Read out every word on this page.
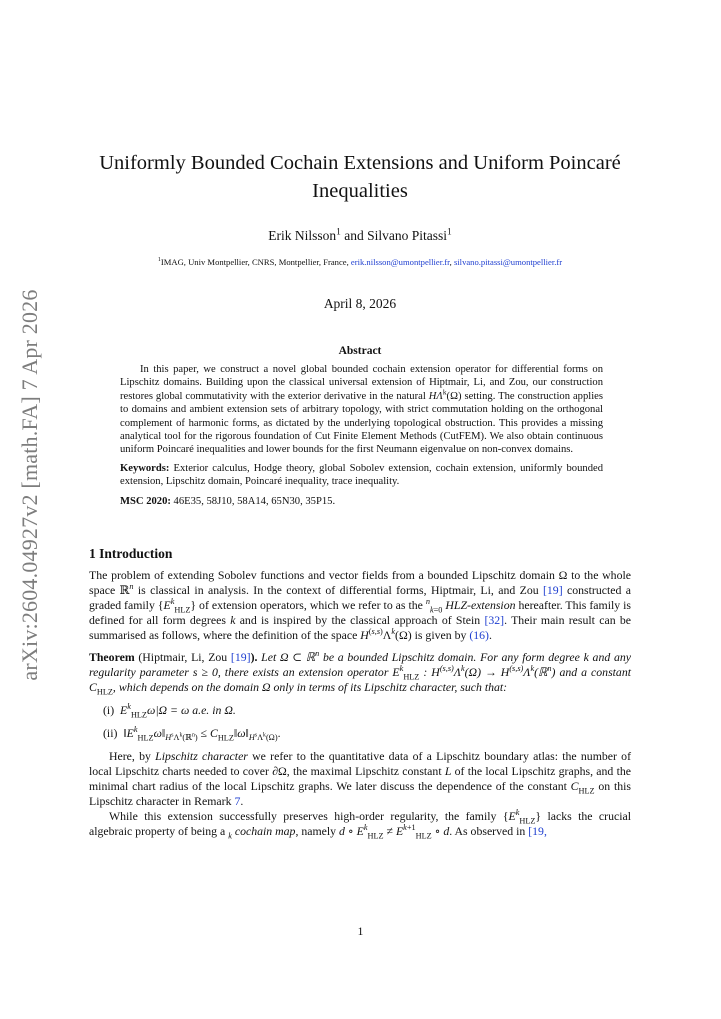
arXiv:2604.04927v2 [math.FA] 7 Apr 2026
Uniformly Bounded Cochain Extensions and Uniform Poincaré
Inequalities
Erik Nilsson$^1$ and Silvano Pitassi$^1$
$^1$IMAG, Univ Montpellier, CNRS, Montpellier, France, erik.nilsson@umontpellier.fr, silvano.pitassi@umontpellier.fr
April 8, 2026
Abstract

In this paper, we construct a novel global bounded cochain extension operator for differential forms on Lipschitz domains. Building upon the classical universal extension of Hiptmair, Li, and Zou, our construction restores global commutativity with the exterior derivative in the natural $H\Lambda^k(\Omega)$ setting. The construction applies to domains and ambient extension sets of arbitrary topology, with strict commutation holding on the orthogonal complement of harmonic forms, as dictated by the underlying topological obstruction. This provides a missing analytical tool for the rigorous foundation of Cut Finite Element Methods (CutFEM). We also obtain continuous uniform Poincaré inequalities and lower bounds for the first Neumann eigenvalue on non-convex domains.

Keywords: Exterior calculus, Hodge theory, global Sobolev extension, cochain extension, uniformly bounded extension, Lipschitz domain, Poincaré inequality, trace inequality.

MSC 2020: 46E35, 58J10, 58A14, 65N30, 35P15.

1 Introduction

The problem of extending Sobolev functions and vector fields from a bounded Lipschitz domain Ω to the whole space ℝ$^n$ is classical in analysis. In the context of differential forms, Hiptmair, Li, and Zou [19] constructed a graded family $\{E^k_{HLZ}\}$ of extension operators, which we refer to as the $^n_{k=0}$ HLZ-extension hereafter. This family is defined for all form degrees k and is inspired by the classical approach of Stein [32]. Their main result can be summarised as follows, where the definition of the space $H^{(s,s)}\Lambda^k(\Omega)$ is given by (16).

Theorem (Hiptmair, Li, Zou [19]). Let Ω ⊂ ℝ$^n$ be a bounded Lipschitz domain. For any form degree k and any regularity parameter s ≥ 0, there exists an extension operator $E^k_{HLZ}$ : $H^{(s,s)}\Lambda^k(\Omega)$ → $H^{(s,s)}\Lambda^k(ℝ^n)$ and a constant $C_{HLZ}$, which depends on the domain Ω only in terms of its Lipschitz character, such that:

(i) $E^k_{HLZ}\omega|\Omega = \omega$ a.e. in Ω.
(ii)  $‖E^k_{HLZ}\omega‖_{H^s\Lambda^k(ℝ^n)}$ ≤ $C_{HLZ}‖\omega‖_{H^s\Lambda^k(\Omega)}$.

Here, by Lipschitz character we refer to the quantitative data of a Lipschitz boundary atlas: the number of local Lipschitz charts needed to cover ∂Ω, the maximal Lipschitz constant L of the local Lipschitz graphs, and the minimal chart radius of the local Lipschitz graphs. We later discuss the dependence of the constant $C_{HLZ}$ on this Lipschitz character in Remark 7.

While this extension successfully preserves high-order regularity, the family $\{E^k_{HLZ}\}$ lacks the crucial algebraic property of being a $_k$ cochain map, namely d ∘ $E^k_{HLZ} \ne E^{k+1}_{HLZ}$ ∘ d. As observed in [19,

1
